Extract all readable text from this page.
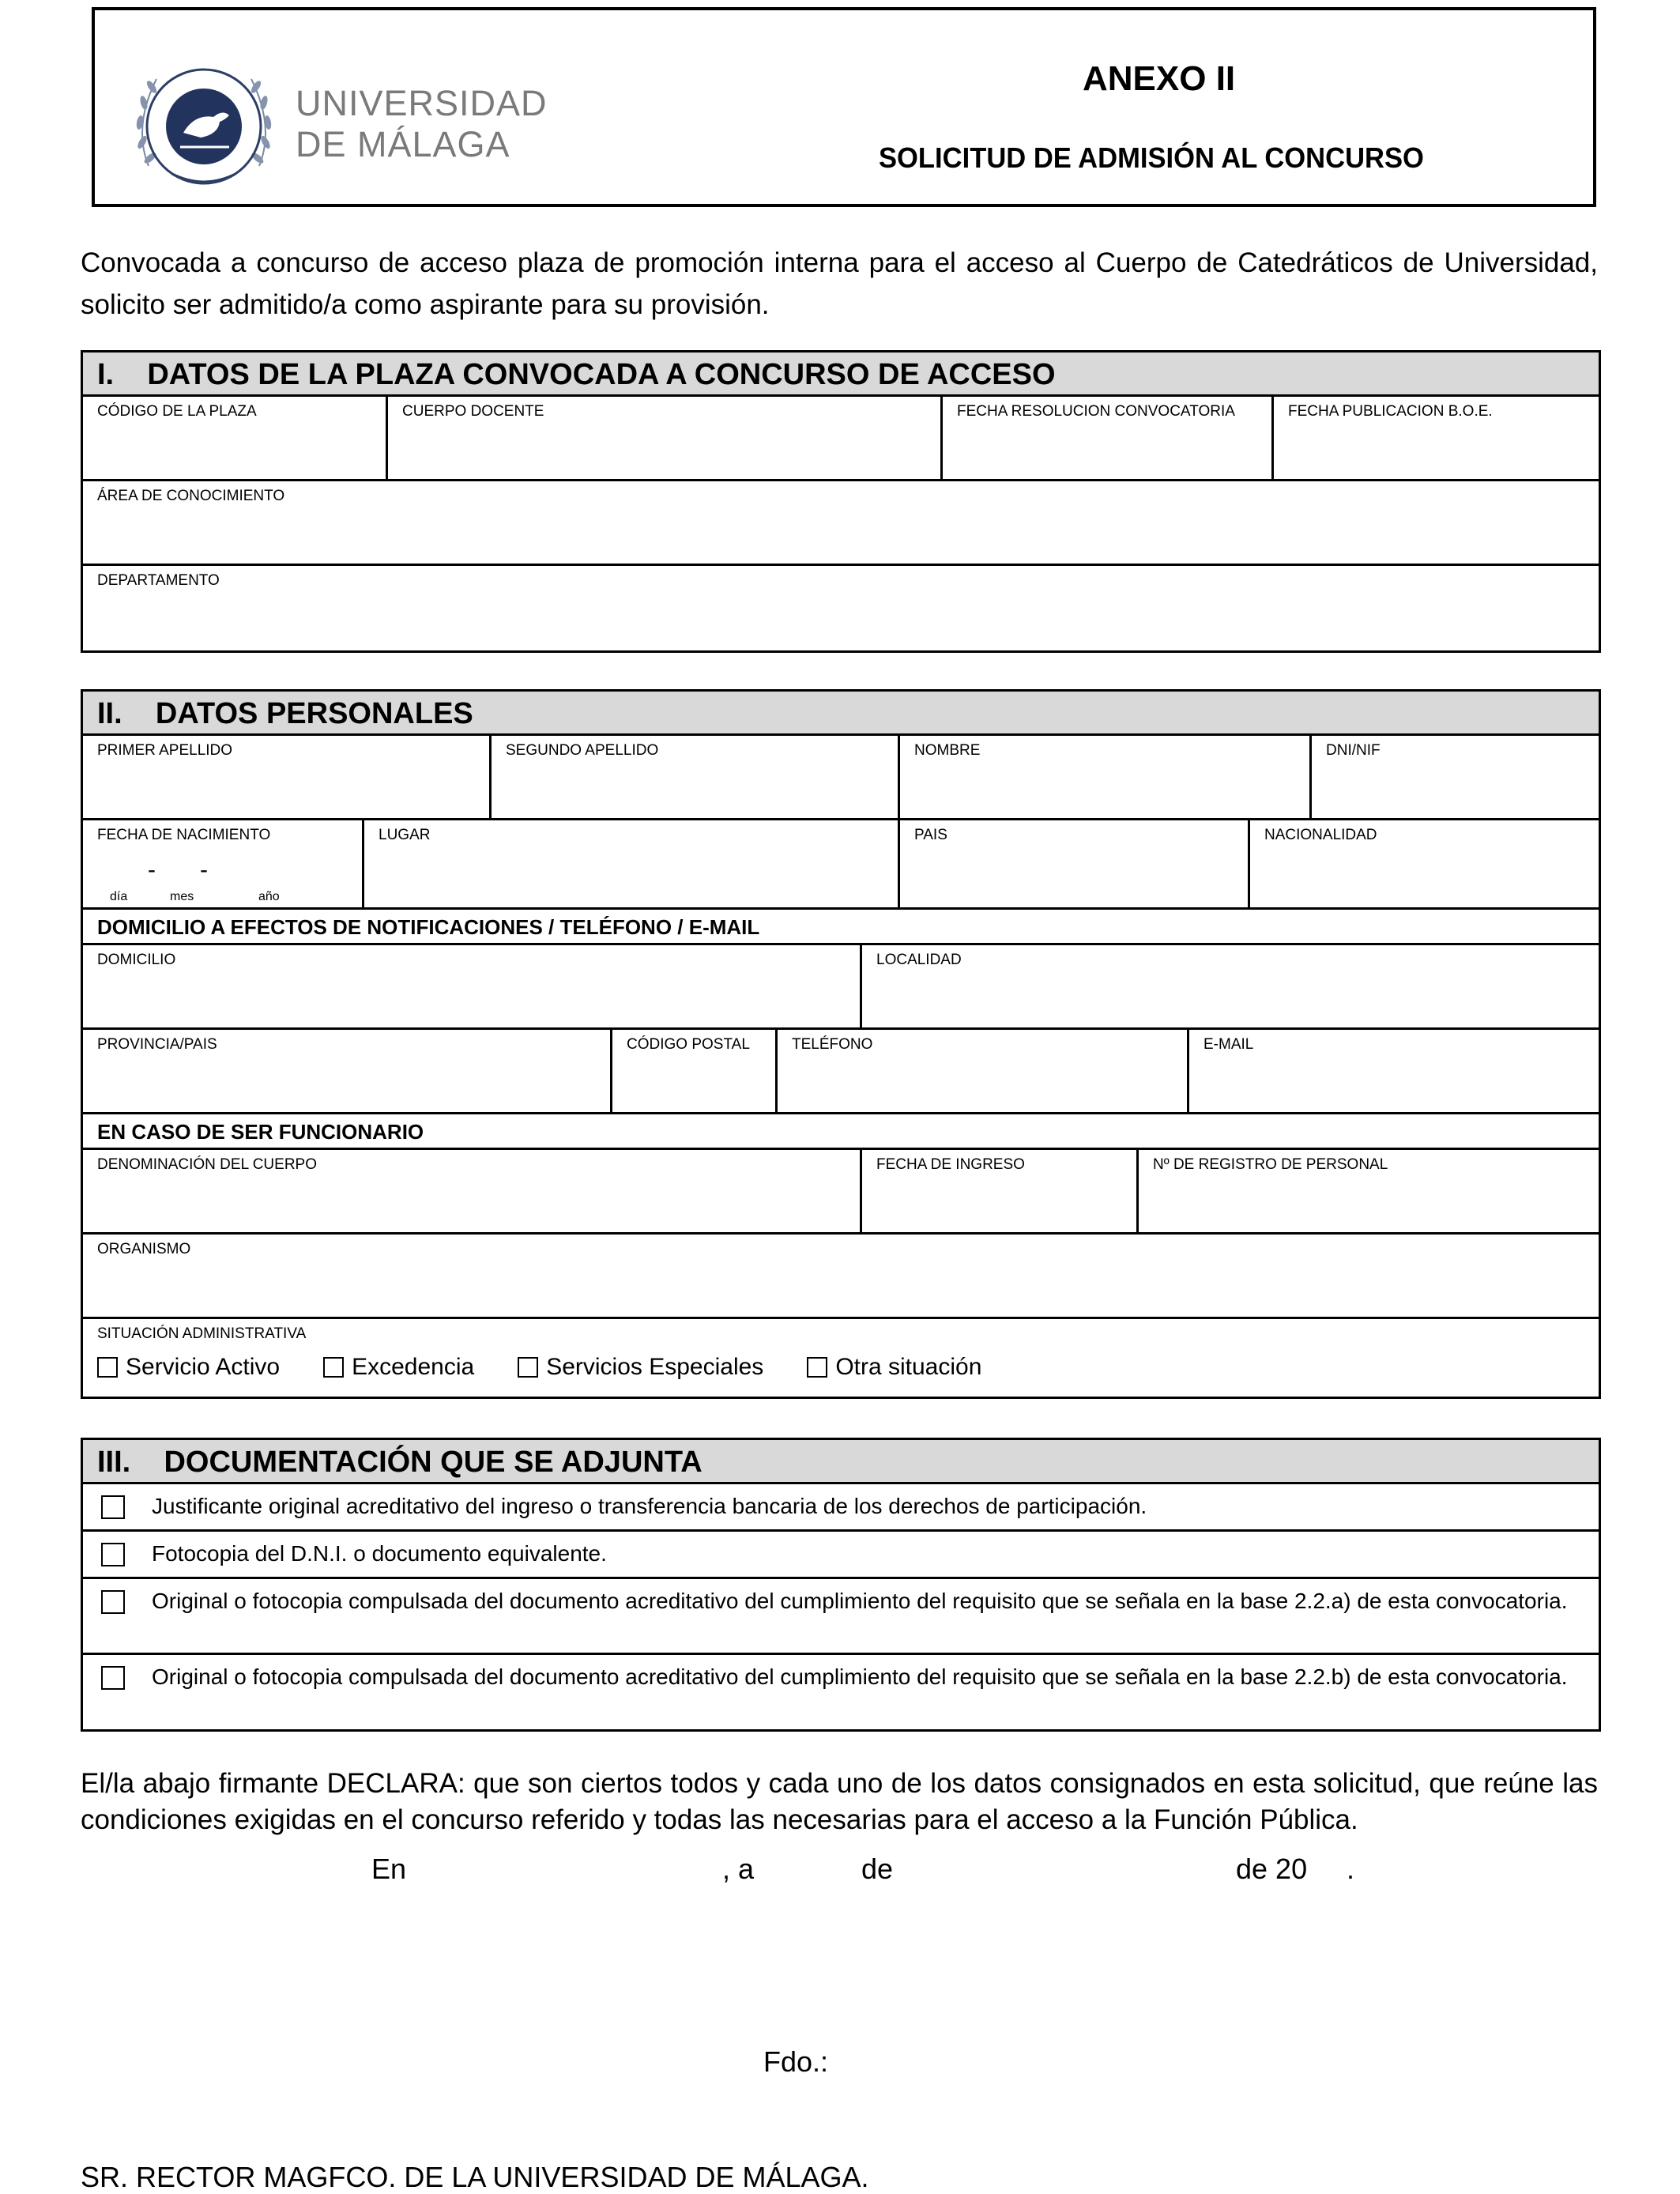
UNIVERSIDAD
DE MÁLAGA
ANEXO II
SOLICITUD DE ADMISIÓN AL CONCURSO
Convocada a concurso de acceso plaza de promoción interna para el acceso al Cuerpo de Catedráticos de Universidad, solicito ser admitido/a como aspirante para su provisión.
I.    DATOS DE LA PLAZA CONVOCADA A CONCURSO DE ACCESO
CÓDIGO DE LA PLAZA	CUERPO DOCENTE	FECHA RESOLUCION CONVOCATORIA	FECHA PUBLICACION B.O.E.
ÁREA DE CONOCIMIENTO
DEPARTAMENTO
II.    DATOS PERSONALES
PRIMER APELLIDO	SEGUNDO APELLIDO	NOMBRE	DNI/NIF
FECHA DE NACIMIENTO
- -
día	mes	año
LUGAR	PAIS	NACIONALIDAD
DOMICILIO A EFECTOS DE NOTIFICACIONES / TELÉFONO / E-MAIL
DOMICILIO	LOCALIDAD
PROVINCIA/PAIS	CÓDIGO POSTAL	TELÉFONO	E-MAIL
EN CASO DE SER FUNCIONARIO
DENOMINACIÓN DEL CUERPO	FECHA DE INGRESO	Nº DE REGISTRO DE PERSONAL
ORGANISMO
SITUACIÓN ADMINISTRATIVA
Servicio Activo	Excedencia	Servicios Especiales	Otra situación
III.    DOCUMENTACIÓN QUE SE ADJUNTA
Justificante original acreditativo del ingreso o transferencia bancaria de los derechos de participación.
Fotocopia del D.N.I. o documento equivalente.
Original o fotocopia compulsada del documento acreditativo del cumplimiento del requisito que se señala en la base 2.2.a) de esta convocatoria.
Original o fotocopia compulsada del documento acreditativo del cumplimiento del requisito que se señala en la base 2.2.b) de esta convocatoria.
El/la abajo firmante DECLARA: que son ciertos todos y cada uno de los datos consignados en esta solicitud, que reúne las condiciones exigidas en el concurso referido y todas las necesarias para el acceso a la Función Pública.
En	, a	de	de 20 .
Fdo.:
SR. RECTOR MAGFCO. DE LA UNIVERSIDAD DE MÁLAGA.
